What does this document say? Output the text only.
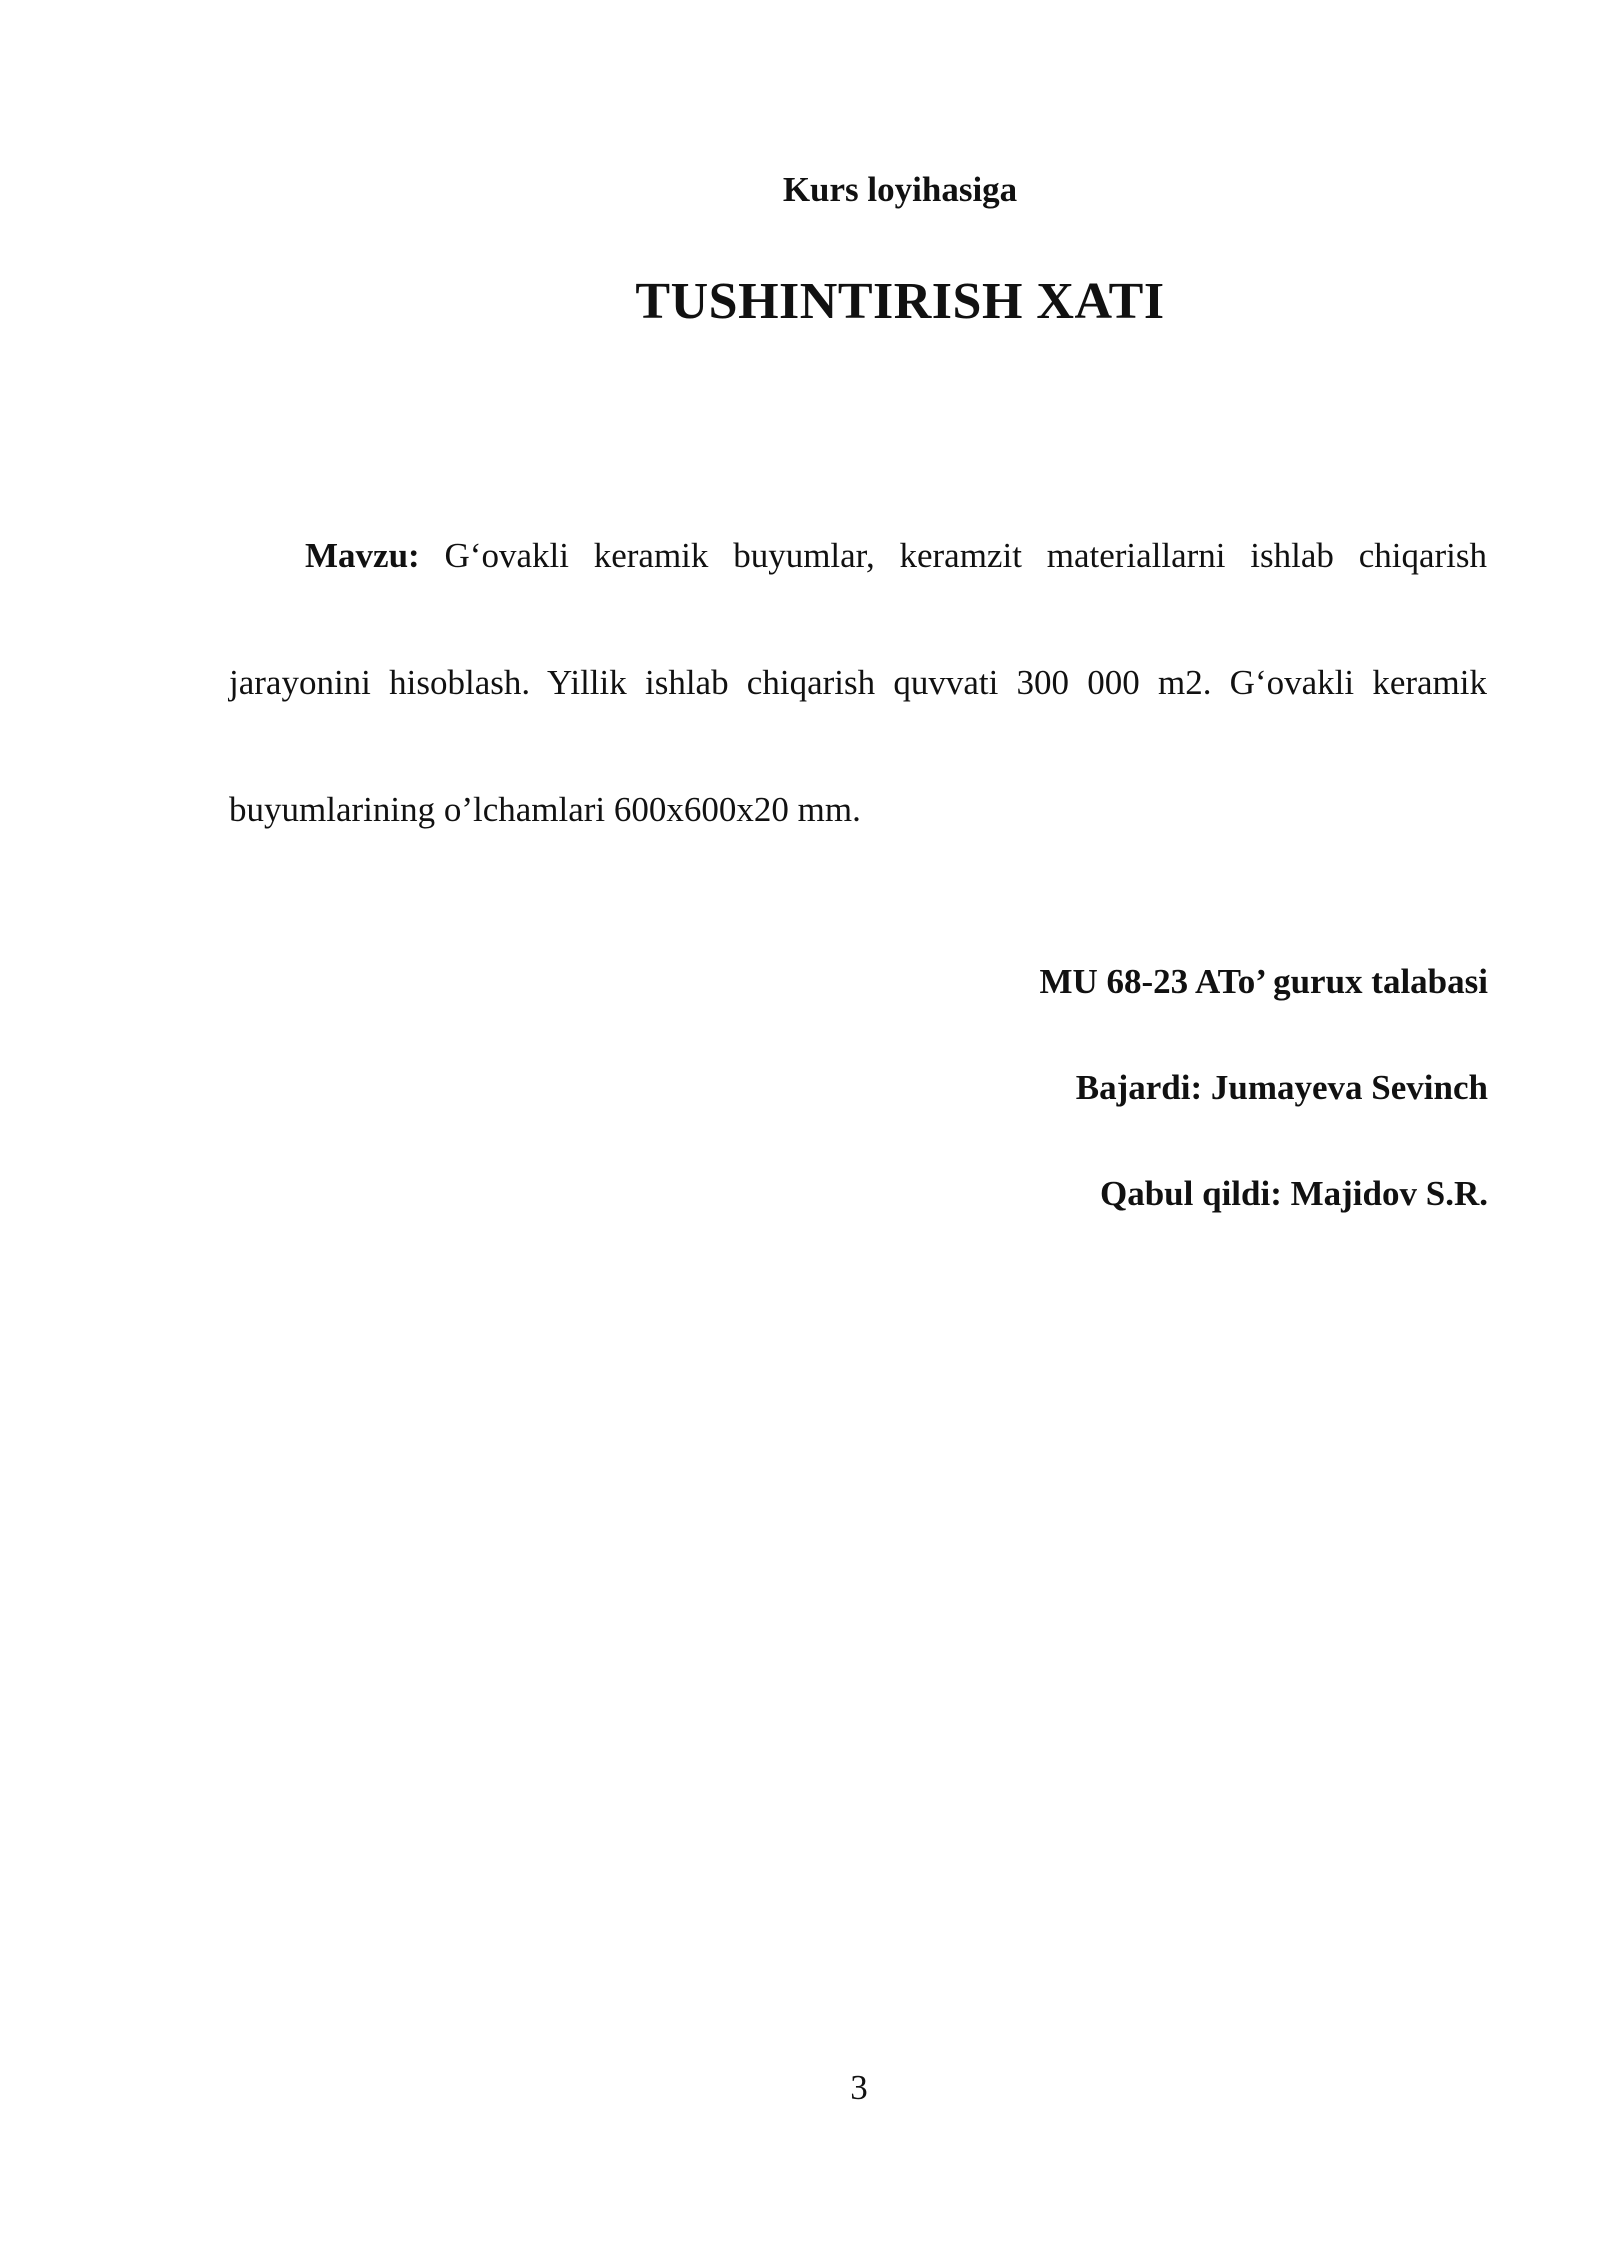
Kurs loyihasiga
TUSHINTIRISH XATI

Mavzu: G‘ovakli keramik buyumlar, keramzit materiallarni ishlab chiqarish jarayonini hisoblash. Yillik ishlab chiqarish quvvati 300 000 m2. G‘ovakli keramik buyumlarining o’lchamlari 600x600x20 mm.

MU 68-23 ATo’ gurux talabasi
Bajardi: Jumayeva Sevinch
Qabul qildi: Majidov S.R.
3
